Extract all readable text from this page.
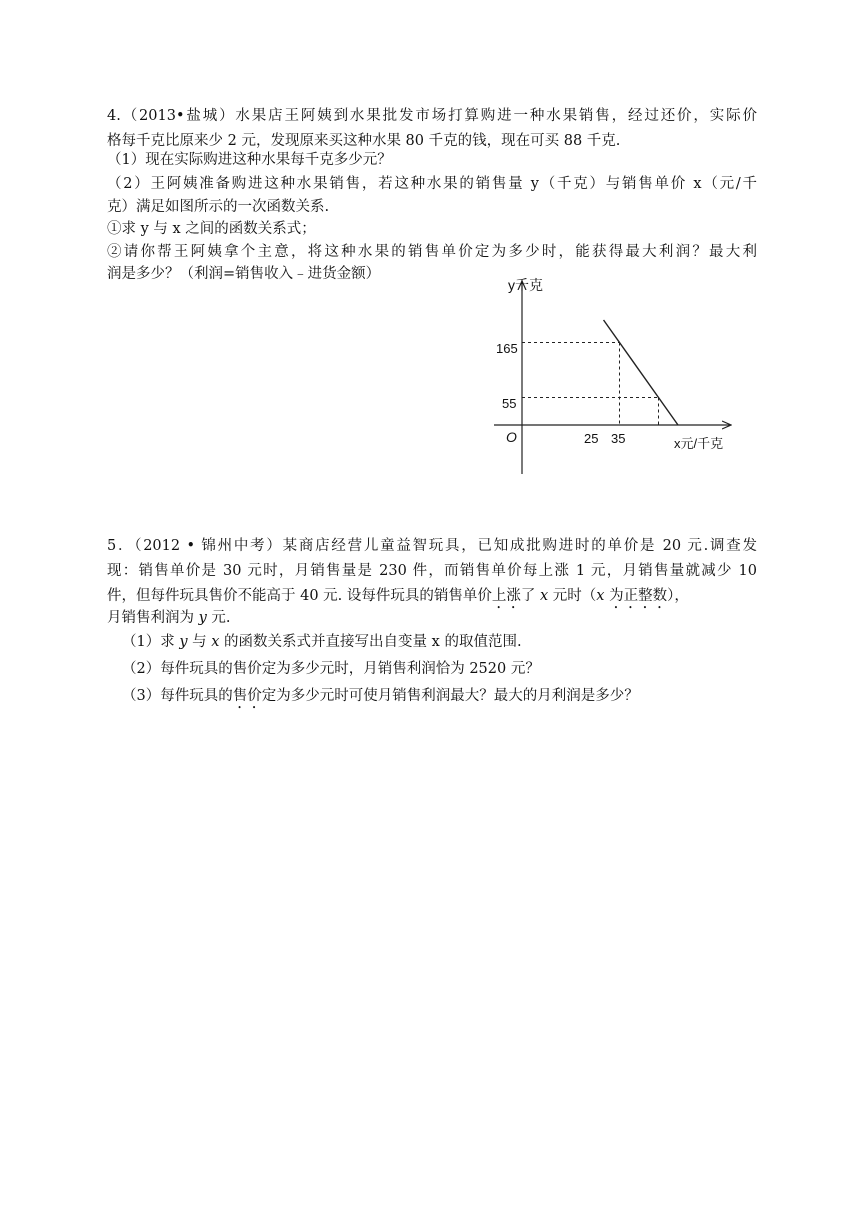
4.（2013•盐城）水果店王阿姨到水果批发市场打算购进一种水果销售，经过还价，实际价
格每千克比原来少 2 元，发现原来买这种水果 80 千克的钱，现在可买 88 千克.
（1）现在实际购进这种水果每千克多少元？
（2）王阿姨准备购进这种水果销售，若这种水果的销售量 y（千克）与销售单价 x（元/千
克）满足如图所示的一次函数关系.
①求 y 与 x 之间的函数关系式；
②请你帮王阿姨拿个主意，将这种水果的销售单价定为多少时，能获得最大利润？最大利
润是多少？（利润=销售收入﹣进货金额）
y千克
x元/千克
O
165
55
25 35
5．（2012 • 锦州中考）某商店经营儿童益智玩具，已知成批购进时的单价是 20 元.调查发
现：销售单价是 30 元时，月销售量是 230 件，而销售单价每上涨 1 元，月销售量就减少 10
件，但每件玩具售价不能高于 40 元. 设每件玩具的销售单价上涨了 x 元时（x 为正整数），
月销售利润为 y 元.
（1）求 y 与 x 的函数关系式并直接写出自变量 x 的取值范围.
（2）每件玩具的售价定为多少元时，月销售利润恰为 2520 元？
（3）每件玩具的售价定为多少元时可使月销售利润最大？最大的月利润是多少？
